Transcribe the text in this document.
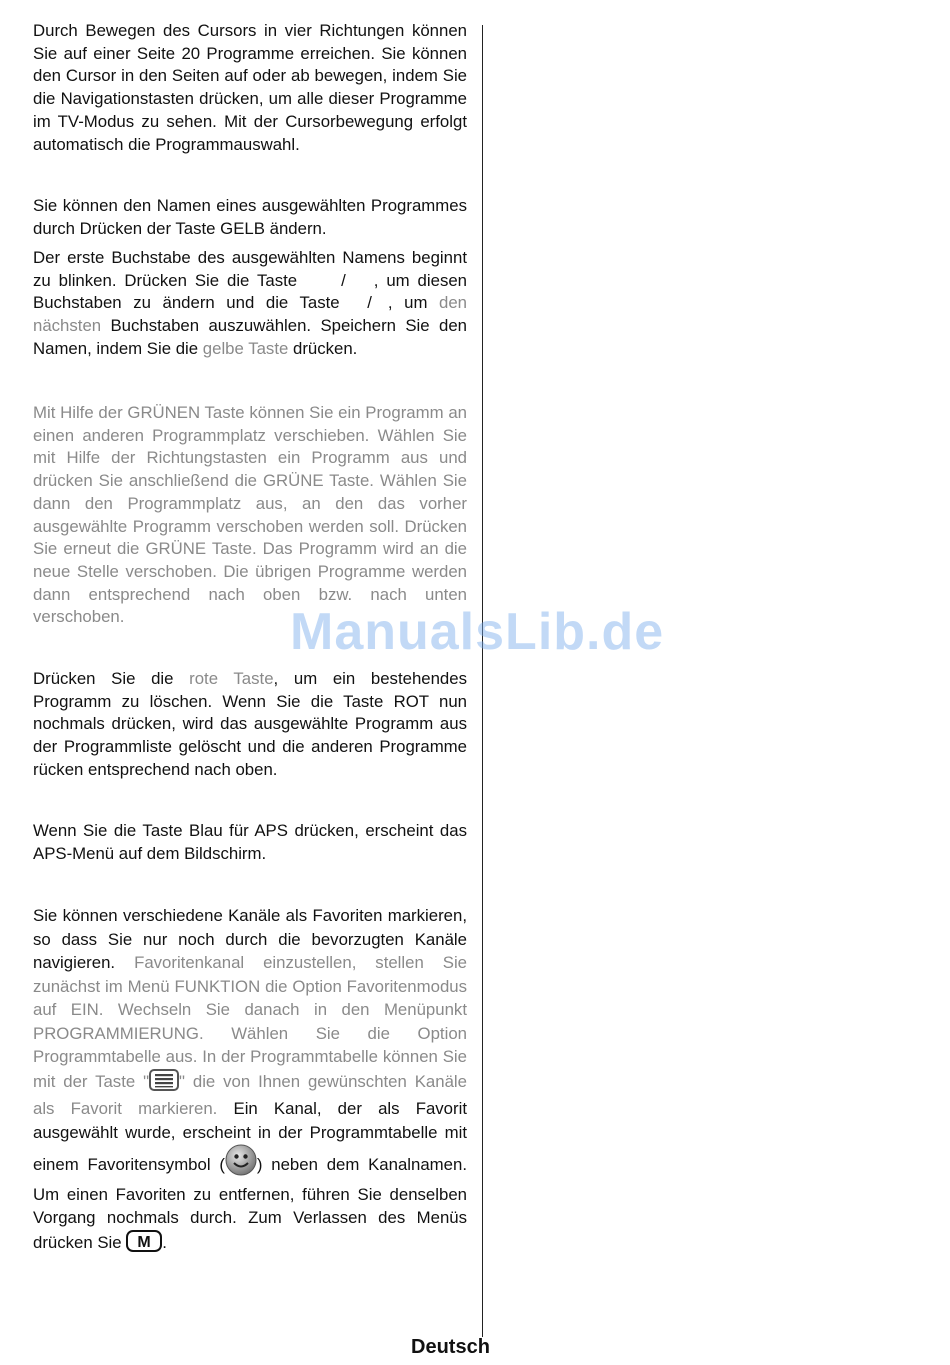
Durch Bewegen des Cursors in vier Richtungen können Sie auf einer Seite 20 Programme erreichen. Sie können den Cursor in den Seiten auf oder ab bewegen, indem Sie die Navigationstasten drücken, um alle dieser Programme im TV-Modus zu sehen. Mit der Cursorbewegung erfolgt automatisch die Programmauswahl.

Sie können den Namen eines ausgewählten Programmes durch Drücken der Taste GELB ändern.

Der erste Buchstabe des ausgewählten Namens beginnt zu blinken. Drücken Sie die Taste	/ , um diesen Buchstaben zu ändern und die Taste / , um den nächsten Buchstaben auszuwählen. Speichern Sie den Namen, indem Sie die gelbe Taste drücken.

Mit Hilfe der GRÜNEN Taste können Sie ein Programm an einen anderen Programmplatz verschieben. Wählen Sie mit Hilfe der Richtungstasten ein Programm aus und drücken Sie anschließend die GRÜNE Taste. Wählen Sie dann den Programmplatz aus, an den das vorher ausgewählte Programm verschoben werden soll. Drücken Sie erneut die GRÜNE Taste. Das Programm wird an die neue Stelle verschoben. Die übrigen Programme werden dann entsprechend nach oben bzw. nach unten verschoben.

Drücken Sie die rote Taste, um ein bestehendes Programm zu löschen. Wenn Sie die Taste ROT nun nochmals drücken, wird das ausgewählte Programm aus der Programmliste gelöscht und die anderen Programme rücken entsprechend nach oben.

Wenn Sie die Taste Blau für APS drücken, erscheint das APS-Menü auf dem Bildschirm.

Sie können verschiedene Kanäle als Favoriten markieren, so dass Sie nur noch durch die bevorzugten Kanäle navigieren. Favoritenkanal einzustellen, stellen Sie zunächst im Menü FUNKTION die Option Favoritenmodus auf EIN. Wechseln Sie danach in den Menüpunkt PROGRAMMIERUNG. Wählen Sie die Option Programmtabelle aus. In der Programmtabelle können Sie mit der Taste " " die von Ihnen gewünschten Kanäle als Favorit markieren. Ein Kanal, der als Favorit ausgewählt wurde, erscheint in der Programmtabelle mit einem Favoritensymbol ( ) neben dem Kanalnamen. Um einen Favoriten zu entfernen, führen Sie denselben Vorgang nochmals durch. Zum Verlassen des Menüs drücken Sie M .

ManualsLib.de
Deutsch
